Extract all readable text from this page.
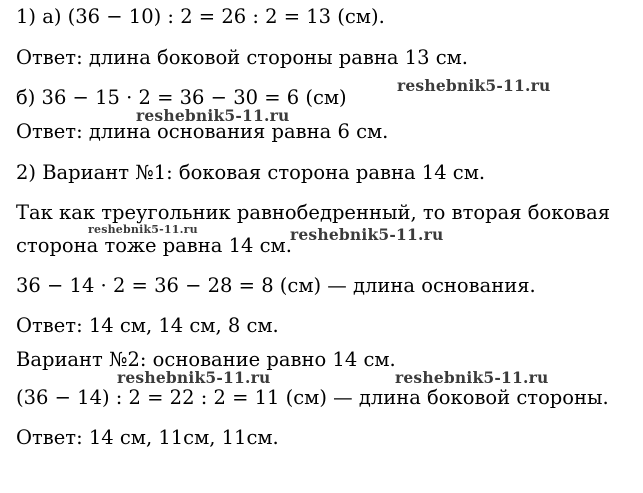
1) а) (36 − 10) : 2 = 26 : 2 = 13 (см).
Ответ: длина боковой стороны равна 13 см.
б) 36 − 15 · 2 = 36 − 30 = 6 (см)
Ответ: длина основания равна 6 см.
2) Вариант №1: боковая сторона равна 14 см.
Так как треугольник равнобедренный, то вторая боковая
сторона тоже равна 14 см.
36 − 14 · 2 = 36 − 28 = 8 (см) — длина основания.
Ответ: 14 см, 14 см, 8 см.
Вариант №2: основание равно 14 см.
(36 − 14) : 2 = 22 : 2 = 11 (см) — длина боковой стороны.
Ответ: 14 см, 11см, 11см.
reshebnik5-11.ru
reshebnik5-11.ru
reshebnik5-11.ru	reshebnik5-11.ru
reshebnik5-11.ru	reshebnik5-11.ru
